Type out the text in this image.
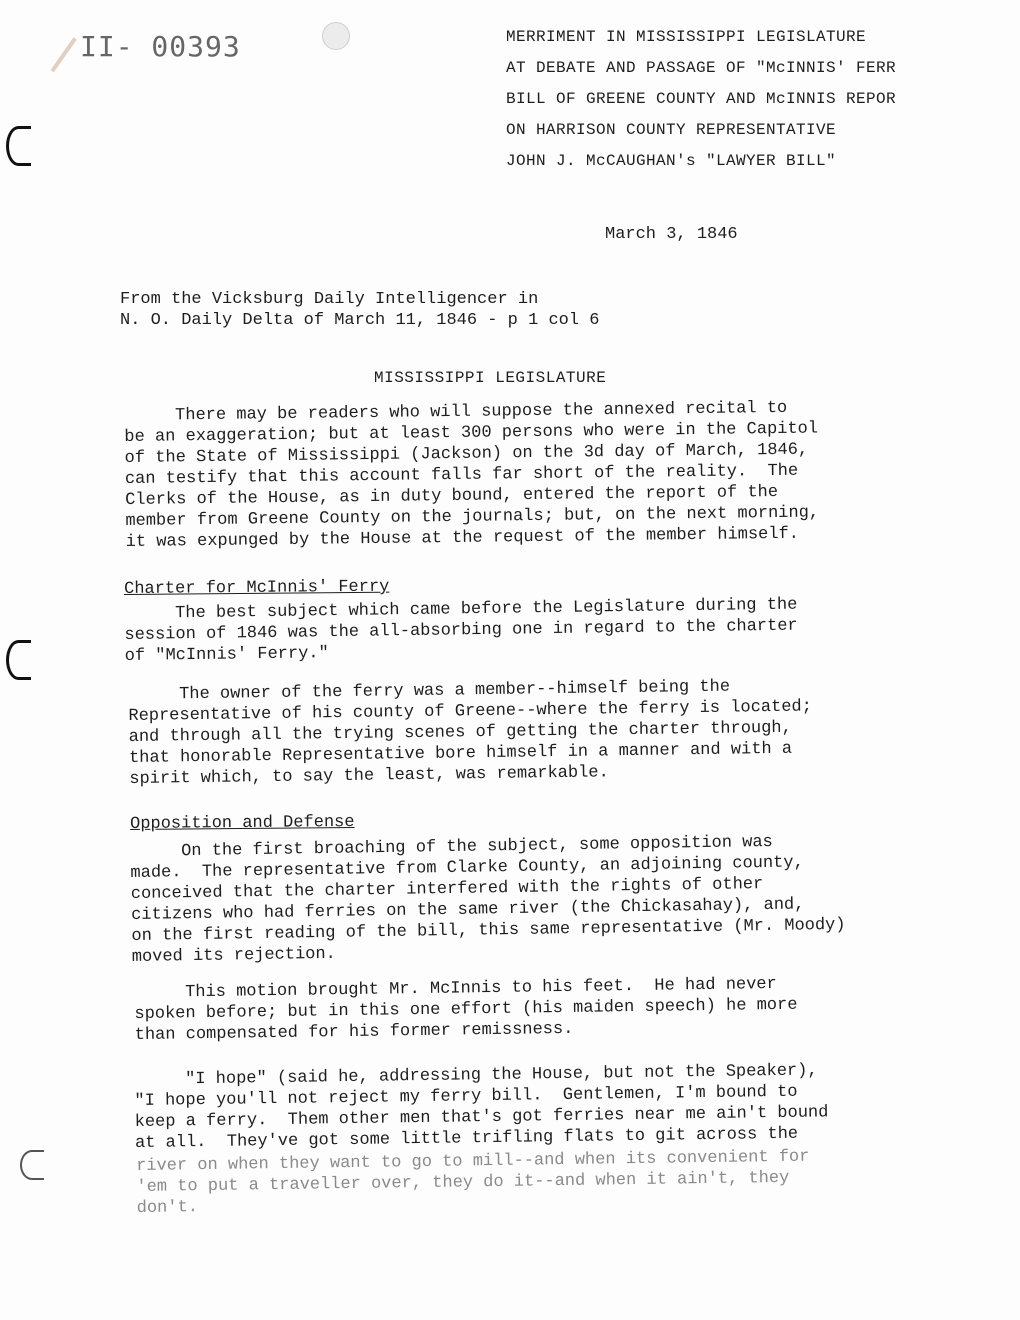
II- 00393	MERRIMENT IN MISSISSIPPI LEGISLATURE
AT DEBATE AND PASSAGE OF "McINNIS' FERR
BILL OF GREENE COUNTY AND McINNIS REPOR
ON HARRISON COUNTY REPRESENTATIVE
JOHN J. McCAUGHAN's "LAWYER BILL"
March 3, 1846
From the Vicksburg Daily Intelligencer in
N. O. Daily Delta of March 11, 1846 - p 1 col 6
MISSISSIPPI LEGISLATURE
There may be readers who will suppose the annexed recital to
be an exaggeration; but at least 300 persons who were in the Capitol
of the State of Mississippi (Jackson) on the 3d day of March, 1846,
can testify that this account falls far short of the reality.  The
Clerks of the House, as in duty bound, entered the report of the
member from Greene County on the journals; but, on the next morning,
it was expunged by the House at the request of the member himself.
Charter for McInnis' Ferry
The best subject which came before the Legislature during the
session of 1846 was the all-absorbing one in regard to the charter
of "McInnis' Ferry."
The owner of the ferry was a member--himself being the
Representative of his county of Greene--where the ferry is located;
and through all the trying scenes of getting the charter through,
that honorable Representative bore himself in a manner and with a
spirit which, to say the least, was remarkable.
Opposition and Defense
On the first broaching of the subject, some opposition was
made.  The representative from Clarke County, an adjoining county,
conceived that the charter interfered with the rights of other
citizens who had ferries on the same river (the Chickasahay), and,
on the first reading of the bill, this same representative (Mr. Moody)
moved its rejection.
This motion brought Mr. McInnis to his feet.  He had never
spoken before; but in this one effort (his maiden speech) he more
than compensated for his former remissness.
"I hope" (said he, addressing the House, but not the Speaker),
"I hope you'll not reject my ferry bill.  Gentlemen, I'm bound to
keep a ferry.  Them other men that's got ferries near me ain't bound
at all.  They've got some little trifling flats to git across the
river on when they want to go to mill--and when its convenient for
'em to put a traveller over, they do it--and when it ain't, they
don't.
